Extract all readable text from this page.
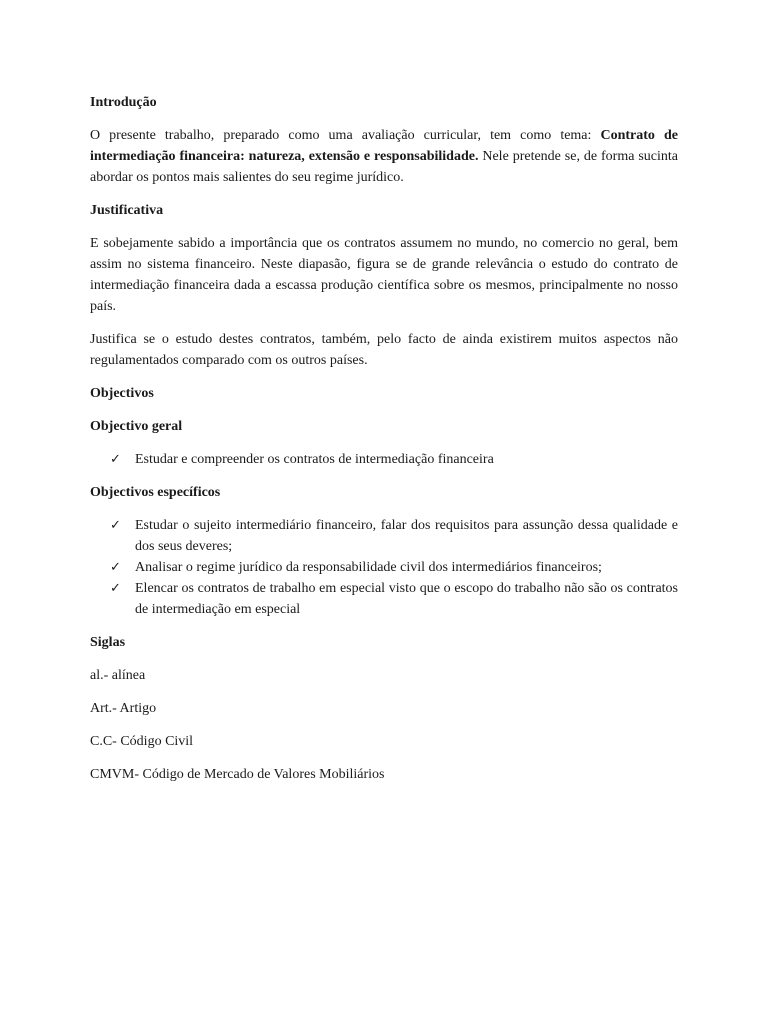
Introdução

O presente trabalho, preparado como uma avaliação curricular, tem como tema: Contrato de intermediação financeira: natureza, extensão e responsabilidade. Nele pretende se, de forma sucinta abordar os pontos mais salientes do seu regime jurídico.

Justificativa

E sobejamente sabido a importância que os contratos assumem no mundo, no comercio no geral, bem assim no sistema financeiro. Neste diapasão, figura se de grande relevância o estudo do contrato de intermediação financeira dada a escassa produção científica sobre os mesmos, principalmente no nosso país.

Justifica se o estudo destes contratos, também, pelo facto de ainda existirem muitos aspectos não regulamentados comparado com os outros países.

Objectivos

Objectivo geral

✓ Estudar e compreender os contratos de intermediação financeira

Objectivos específicos

✓ Estudar o sujeito intermediário financeiro, falar dos requisitos para assunção dessa qualidade e dos seus deveres;
✓ Analisar o regime jurídico da responsabilidade civil dos intermediários financeiros;
✓ Elencar os contratos de trabalho em especial visto que o escopo do trabalho não são os contratos de intermediação em especial

Siglas

al.- alínea

Art.- Artigo

C.C- Código Civil

CMVM- Código de Mercado de Valores Mobiliários
